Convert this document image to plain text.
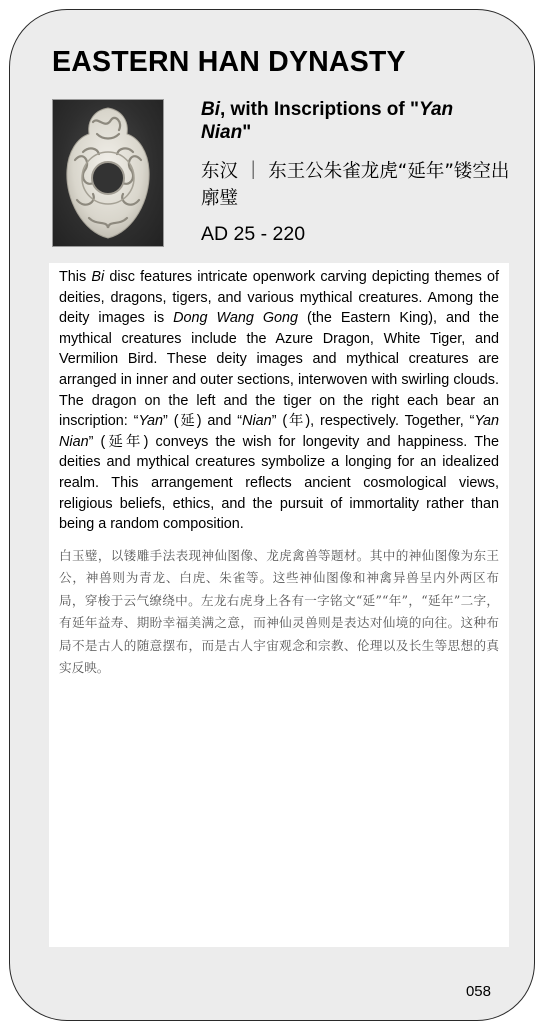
EASTERN HAN DYNASTY
Bi, with Inscriptions of "Yan Nian"
东汉 ｜ 东王公朱雀龙虎“延年”镂空出廓璧
AD 25 - 220

This Bi disc features intricate openwork carving depicting themes of deities, dragons, tigers, and various mythical creatures. Among the deity images is Dong Wang Gong (the Eastern King), and the mythical creatures include the Azure Dragon, White Tiger, and Vermilion Bird. These deity images and mythical creatures are arranged in inner and outer sections, interwoven with swirling clouds. The dragon on the left and the tiger on the right each bear an inscription: “Yan” (延) and “Nian” (年), respectively. Together, “Yan Nian” (延年) conveys the wish for longevity and happiness. The deities and mythical creatures symbolize a longing for an idealized realm. This arrangement reflects ancient cosmological views, religious beliefs, ethics, and the pursuit of immortality rather than being a random composition.

白玉璧，以镂雕手法表现神仙图像、龙虎禽兽等题材。其中的神仙图像为东王公，神兽则为青龙、白虎、朱雀等。这些神仙图像和神禽异兽呈内外两区布局，穿梭于云气缭绕中。左龙右虎身上各有一字铭文“延”“年”，“延年”二字，有延年益寿、期盼幸福美满之意，而神仙灵兽则是表达对仙境的向往。这种布局不是古人的随意摆布，而是古人宇宙观念和宗教、伦理以及长生等思想的真实反映。

058
